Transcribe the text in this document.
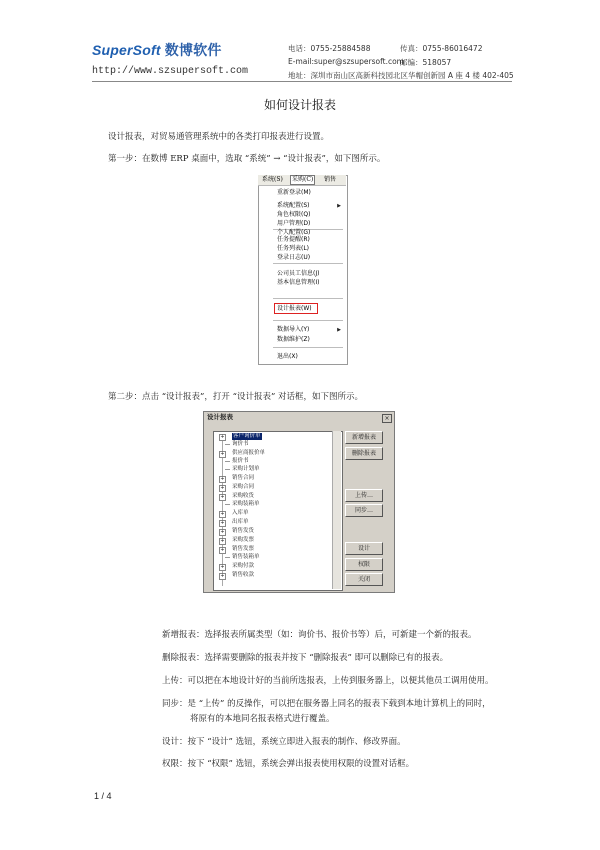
SuperSoft 数博软件
http://www.szsupersoft.com
电话：0755-25884588	传真：0755-86016472
E-mail:super@szsupersoft.com
邮编：518057
地址：深圳市南山区高新科技园北区华帽创新园 A 座 4 楼 402-405
如何设计报表
设计报表，对贸易通管理系统中的各类打印报表进行设置。
第一步：在数博 ERP 桌面中，选取 “系统” → “设计报表”，如下图所示。
重新登录(M)
系统配置(S)	▶
角色权限(Q)
用户管理(D)
个人配置(G)
任务提醒(R)
任务列表(L)
登录日志(U)
公司员工信息(J)
基本信息管理(I)
设计报表(W)
数据导入(Y)	▶
数据维护(Z)
退出(X)
系统(S)	采购(C)	销售
第二步：点击 “设计报表”，打开 “设计报表” 对话框，如下图所示。
设计报表	×
+ 客户询价单
询价书
+ 供应商报价单
报价书
采购计划单
+ 销售合同
+ 采购合同
+ 采购收货
采购装箱单
+ 入库单
+ 出库单
+ 销售发货
+ 采购发票
+ 销售发票
销售装箱单
+ 采购付款
+ 销售收款
新增报表
删除报表
上传…
同步…
设计
权限
关闭
新增报表：选择报表所属类型（如：询价书、报价书等）后，可新建一个新的报表。
删除报表：选择需要删除的报表并按下 “删除报表” 即可以删除已有的报表。
上传：可以把在本地设计好的当前所选报表，上传到服务器上，以便其他员工调用使用。
同步：是 “上传” 的反操作，可以把在服务器上同名的报表下载到本地计算机上的同时，
将原有的本地同名报表格式进行覆盖。
设计：按下 “设计” 选钮，系统立即进入报表的制作、修改界面。
权限：按下 “权限” 选钮，系统会弹出报表使用权限的设置对话框。
1 / 4
